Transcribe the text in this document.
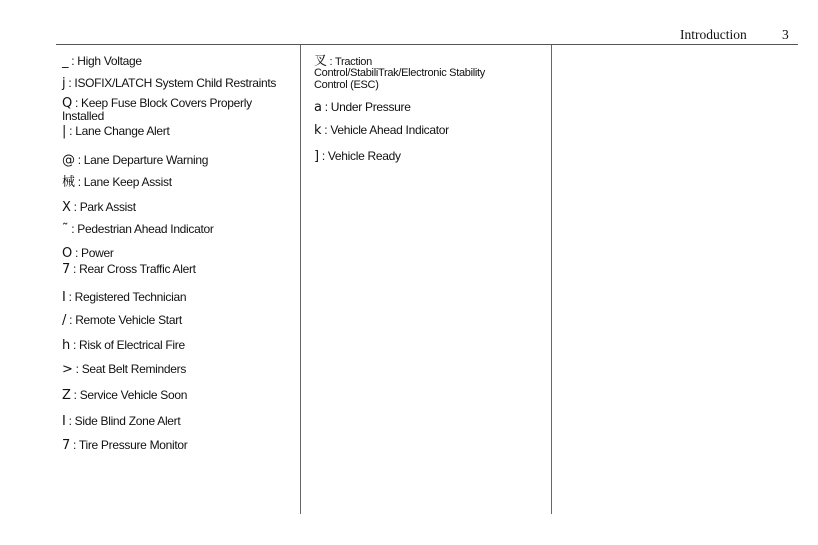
Introduction	3
_ : High Voltage
j : ISOFIX/LATCH System Child Restraints
Q : Keep Fuse Block Covers Properly
Installed
| : Lane Change Alert
@ : Lane Departure Warning
械 : Lane Keep Assist
X : Park Assist
˜ : Pedestrian Ahead Indicator
O : Power
7 : Rear Cross Traffic Alert
I : Registered Technician
/ : Remote Vehicle Start
h : Risk of Electrical Fire
> : Seat Belt Reminders
Z : Service Vehicle Soon
I : Side Blind Zone Alert
7 : Tire Pressure Monitor
叉 : Traction
Control/StabiliTrak/Electronic Stability
Control (ESC)
a : Under Pressure
k : Vehicle Ahead Indicator
] : Vehicle Ready
